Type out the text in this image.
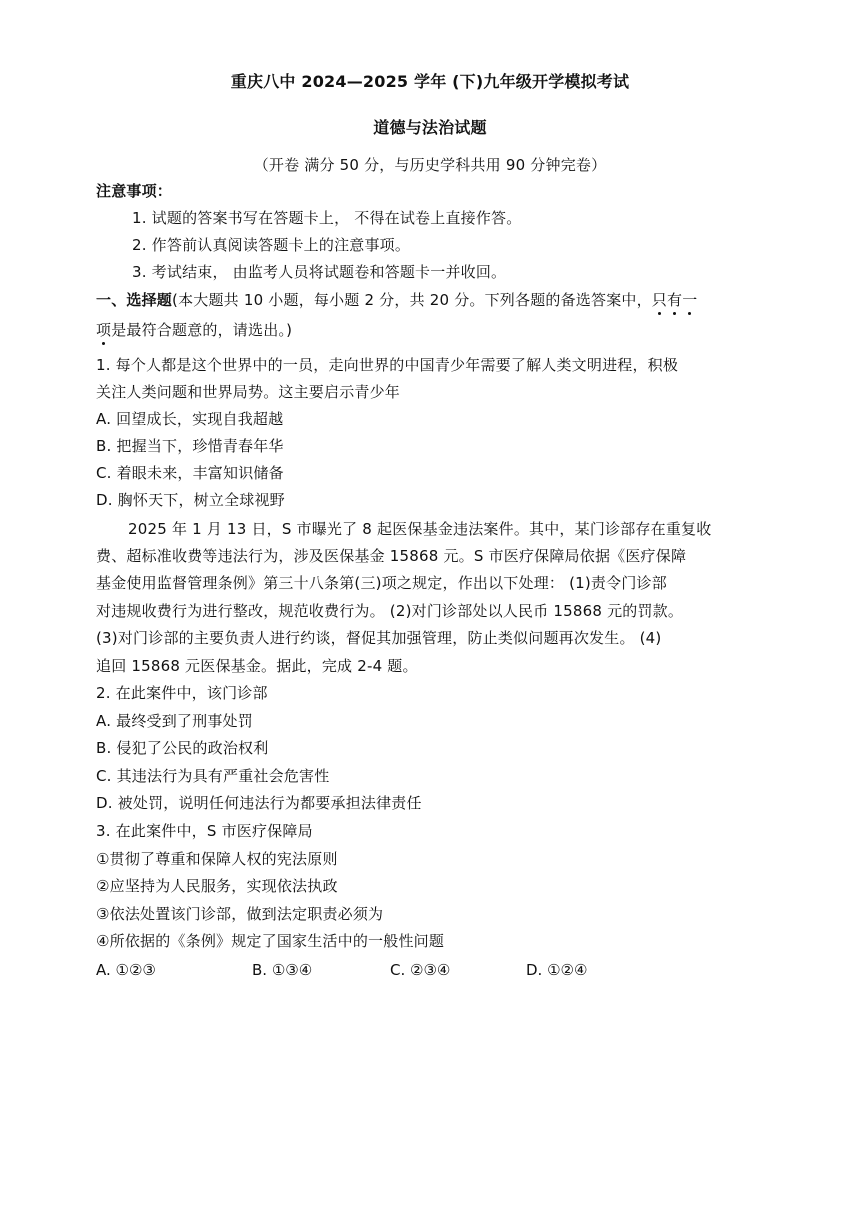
重庆八中 2024—2025 学年 (下)九年级开学模拟考试
道德与法治试题
（开卷 满分 50 分，与历史学科共用 90 分钟完卷）
注意事项：
1. 试题的答案书写在答题卡上， 不得在试卷上直接作答。
2. 作答前认真阅读答题卡上的注意事项。
3. 考试结束， 由监考人员将试题卷和答题卡一并收回。
一、选择题(本大题共 10 小题，每小题 2 分，共 20 分。下列各题的备选答案中，只有一
项是最符合题意的，请选出。)
1. 每个人都是这个世界中的一员，走向世界的中国青少年需要了解人类文明进程，积极
关注人类问题和世界局势。这主要启示青少年
A. 回望成长，实现自我超越
B. 把握当下，珍惜青春年华
C. 着眼未来，丰富知识储备
D. 胸怀天下，树立全球视野
2025 年 1 月 13 日，S 市曝光了 8 起医保基金违法案件。其中，某门诊部存在重复收
费、超标准收费等违法行为，涉及医保基金 15868 元。S 市医疗保障局依据《医疗保障
基金使用监督管理条例》第三十八条第(三)项之规定，作出以下处理： (1)责令门诊部
对违规收费行为进行整改，规范收费行为。 (2)对门诊部处以人民币 15868 元的罚款。
(3)对门诊部的主要负责人进行约谈，督促其加强管理，防止类似问题再次发生。 (4)
追回 15868 元医保基金。据此，完成 2-4 题。
2. 在此案件中，该门诊部
A. 最终受到了刑事处罚
B. 侵犯了公民的政治权利
C. 其违法行为具有严重社会危害性
D. 被处罚，说明任何违法行为都要承担法律责任
3. 在此案件中，S 市医疗保障局
①贯彻了尊重和保障人权的宪法原则
②应坚持为人民服务，实现依法执政
③依法处置该门诊部，做到法定职责必须为
④所依据的《条例》规定了国家生活中的一般性问题
A. ①②③	B. ①③④	C. ②③④	D. ①②④
